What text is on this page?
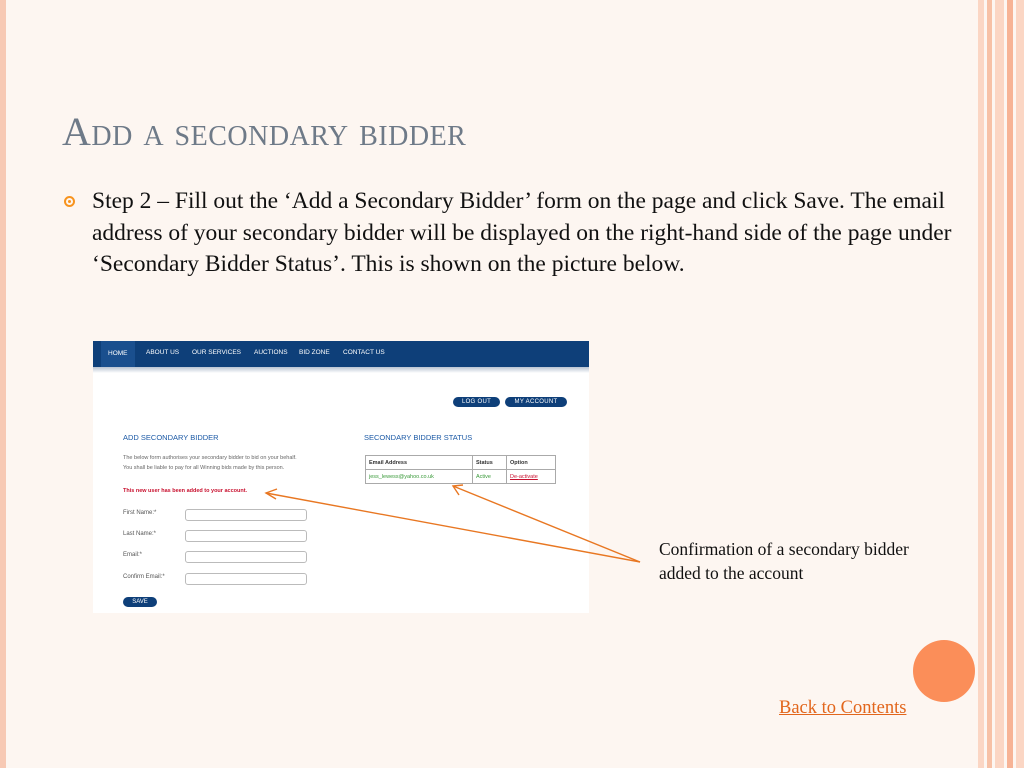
Add a secondary bidder
Step 2 – Fill out the ‘Add a Secondary Bidder’ form on the page and click Save. The email address of your secondary bidder will be displayed on the right-hand side of the page under ‘Secondary Bidder Status’. This is shown on the picture below.
HOME	ABOUT US OUR SERVICES AUCTIONS BID ZONE CONTACT US
LOG OUT	MY ACCOUNT
ADD SECONDARY BIDDER
The below form authorises your secondary bidder to bid on your behalf.
You shall be liable to pay for all Winning bids made by this person.
This new user has been added to your account.
First Name:*
Last Name:*
Email:*
Confirm Email:*
SAVE
SECONDARY BIDDER STATUS
Email Address	Status	Option
jess_lewess@yahoo.co.uk	Active	De-activate
Confirmation of a secondary bidder added to the account
Back to Contents
